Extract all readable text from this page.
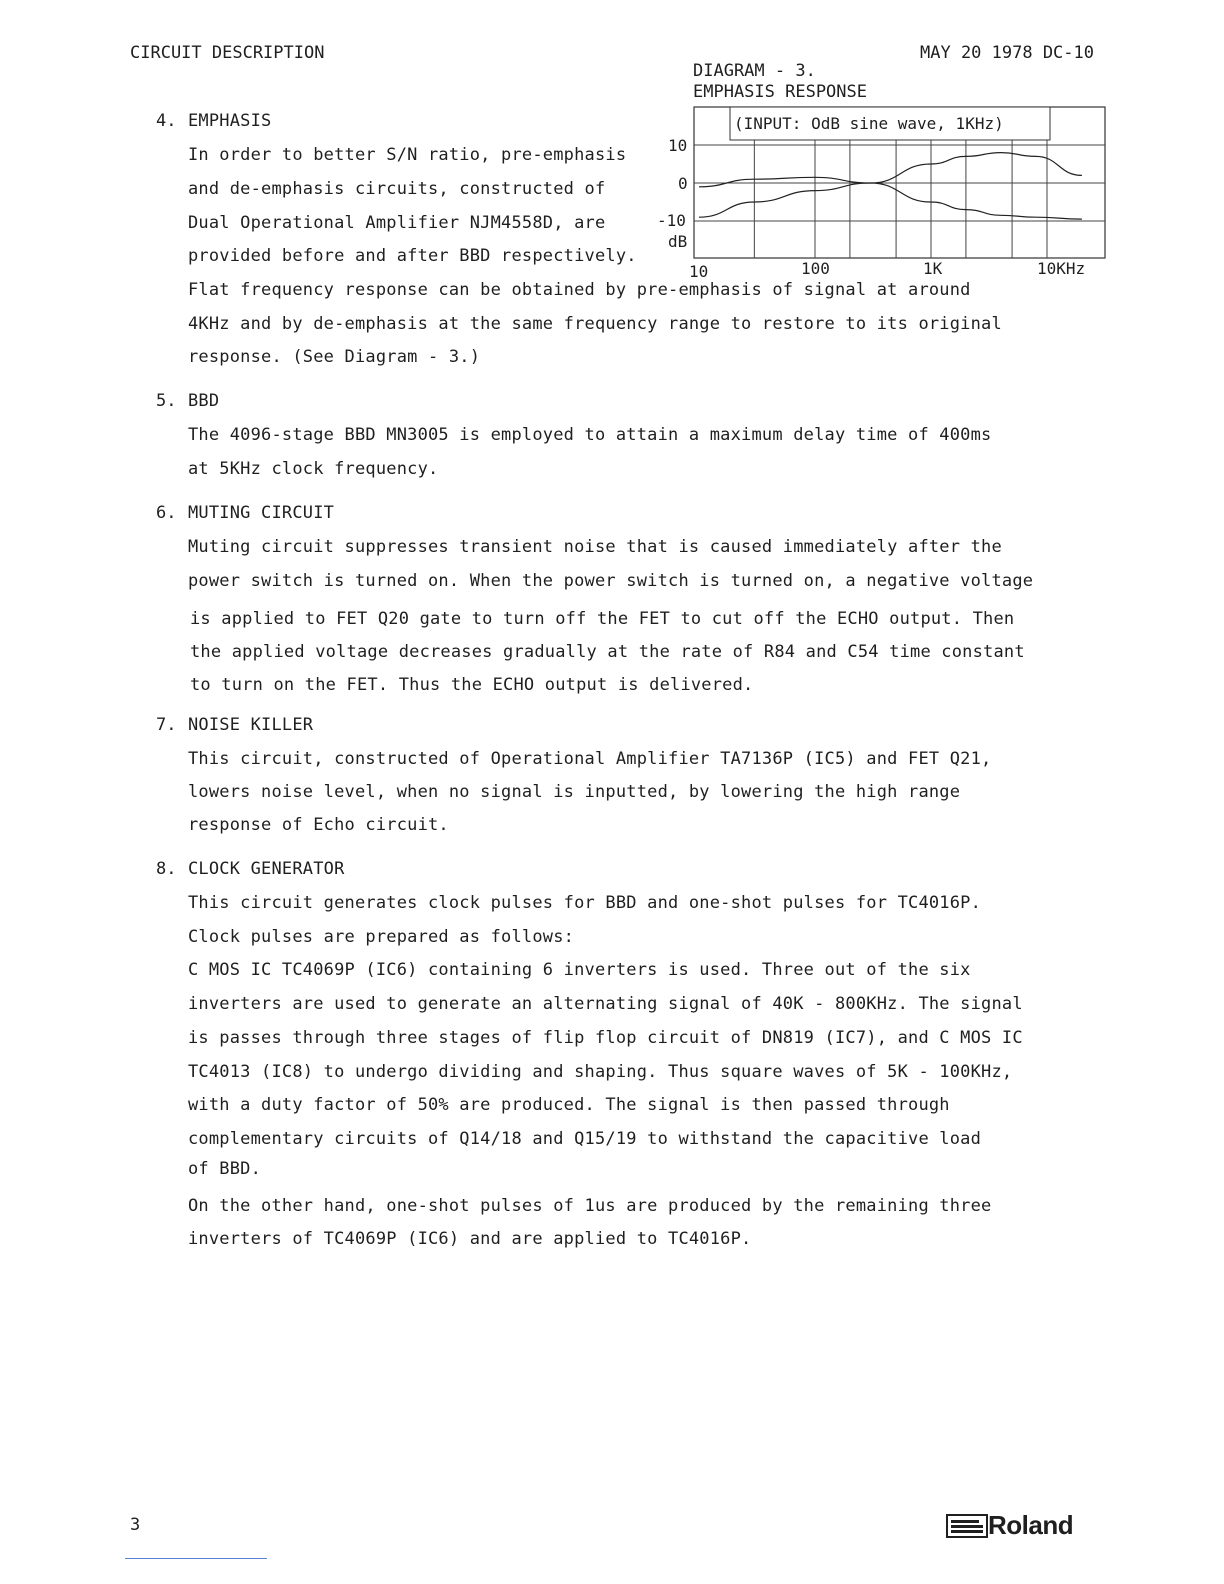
CIRCUIT DESCRIPTION	MAY 20 1978 DC-10
DIAGRAM - 3.
EMPHASIS RESPONSE
(INPUT: OdB sine wave, 1KHz)
10
0
-10
dB
10	100	1K	10KHz
4. EMPHASIS
In order to better S/N ratio, pre-emphasis
and de-emphasis circuits, constructed of
Dual Operational Amplifier NJM4558D, are
provided before and after BBD respectively.
Flat frequency response can be obtained by pre-emphasis of signal at around
4KHz and by de-emphasis at the same frequency range to restore to its original
response. (See Diagram - 3.)
5. BBD
The 4096-stage BBD MN3005 is employed to attain a maximum delay time of 400ms
at 5KHz clock frequency.
6. MUTING CIRCUIT
Muting circuit suppresses transient noise that is caused immediately after the
power switch is turned on. When the power switch is turned on, a negative voltage
is applied to FET Q20 gate to turn off the FET to cut off the ECHO output. Then
the applied voltage decreases gradually at the rate of R84 and C54 time constant
to turn on the FET. Thus the ECHO output is delivered.
7. NOISE KILLER
This circuit, constructed of Operational Amplifier TA7136P (IC5) and FET Q21,
lowers noise level, when no signal is inputted, by lowering the high range
response of Echo circuit.
8. CLOCK GENERATOR
This circuit generates clock pulses for BBD and one-shot pulses for TC4016P.
Clock pulses are prepared as follows:
C MOS IC TC4069P (IC6) containing 6 inverters is used. Three out of the six
inverters are used to generate an alternating signal of 40K - 800KHz. The signal
is passes through three stages of flip flop circuit of DN819 (IC7), and C MOS IC
TC4013 (IC8) to undergo dividing and shaping. Thus square waves of 5K - 100KHz,
with a duty factor of 50% are produced. The signal is then passed through
complementary circuits of Q14/18 and Q15/19 to withstand the capacitive load
of BBD.
On the other hand, one-shot pulses of 1us are produced by the remaining three
inverters of TC4069P (IC6) and are applied to TC4016P.
3	Roland
